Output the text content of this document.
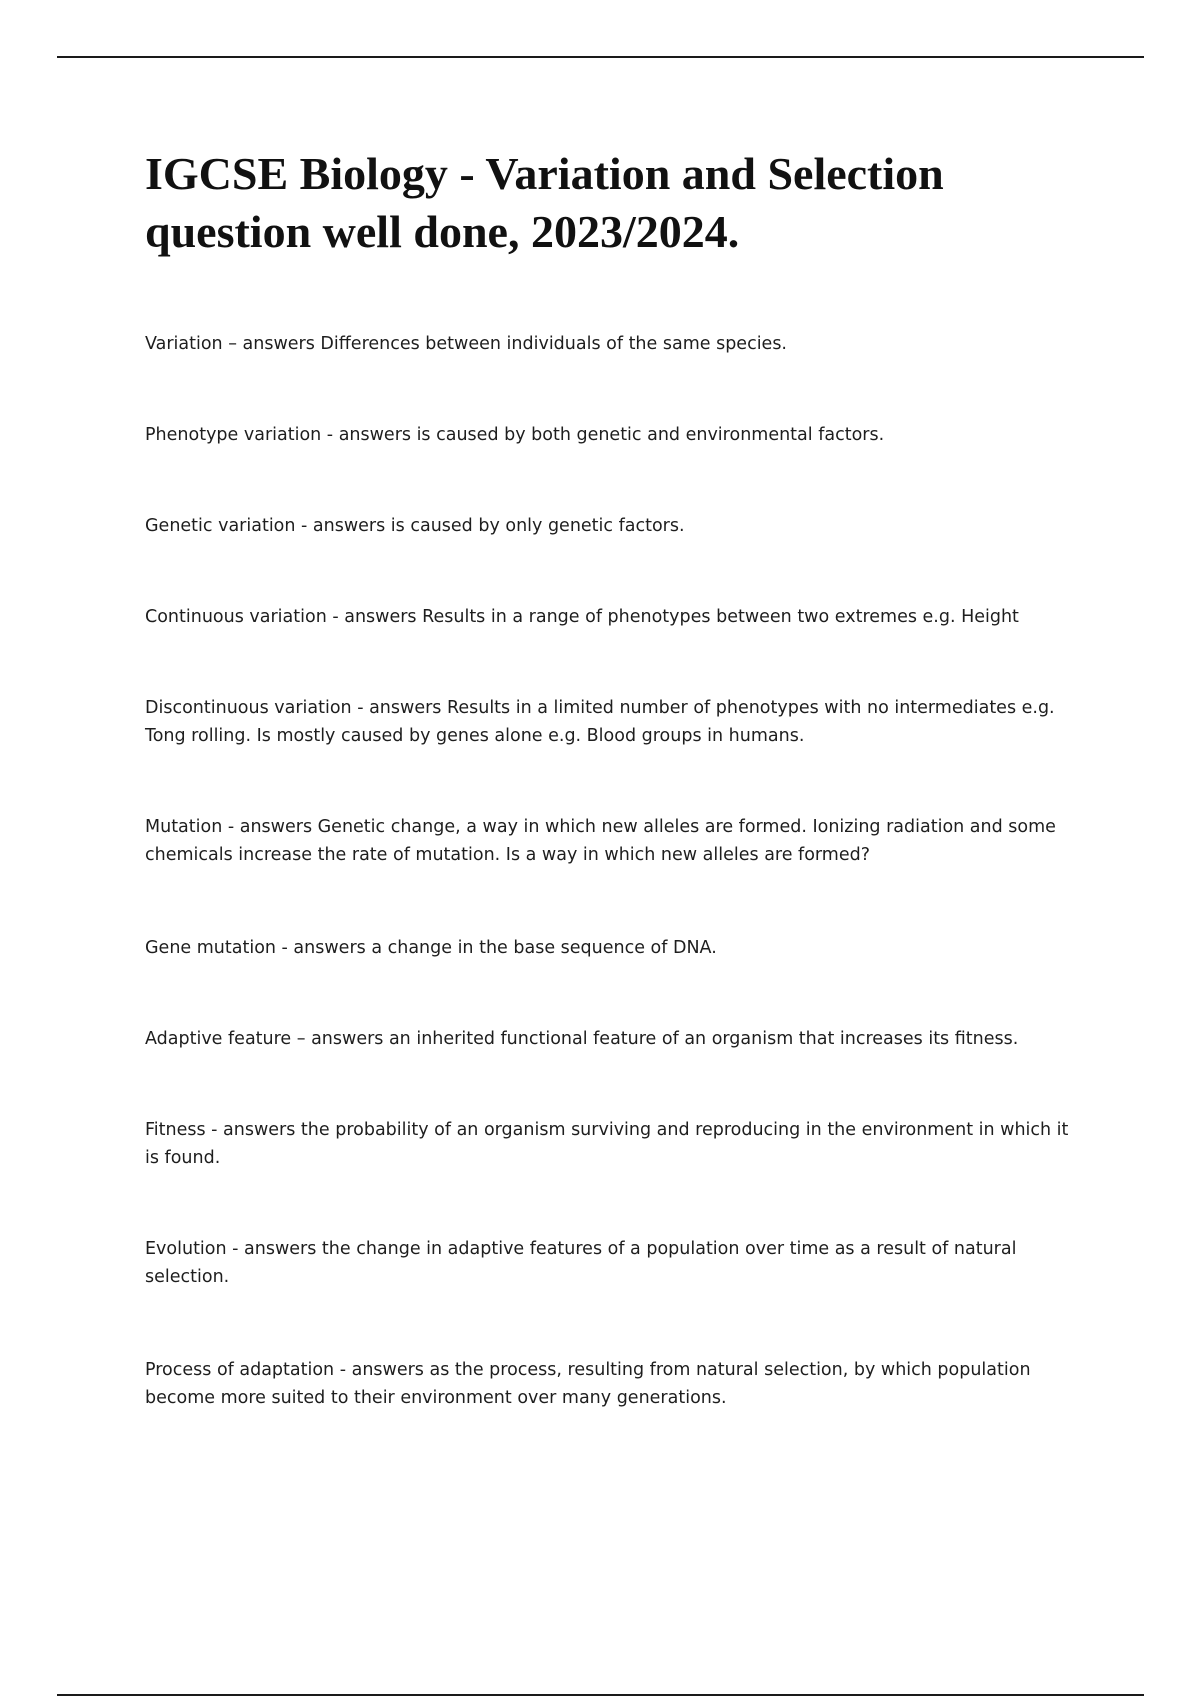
IGCSE Biology - Variation and Selection
question well done, 2023/2024.

Variation – answers Differences between individuals of the same species.

Phenotype variation - answers is caused by both genetic and environmental factors.

Genetic variation - answers is caused by only genetic factors.

Continuous variation - answers Results in a range of phenotypes between two extremes e.g. Height

Discontinuous variation - answers Results in a limited number of phenotypes with no intermediates e.g. Tong rolling. Is mostly caused by genes alone e.g. Blood groups in humans.

Mutation - answers Genetic change, a way in which new alleles are formed. Ionizing radiation and some chemicals increase the rate of mutation. Is a way in which new alleles are formed?

Gene mutation - answers a change in the base sequence of DNA.

Adaptive feature – answers an inherited functional feature of an organism that increases its fitness.

Fitness - answers the probability of an organism surviving and reproducing in the environment in which it is found.

Evolution - answers the change in adaptive features of a population over time as a result of natural selection.

Process of adaptation - answers as the process, resulting from natural selection, by which population become more suited to their environment over many generations.
